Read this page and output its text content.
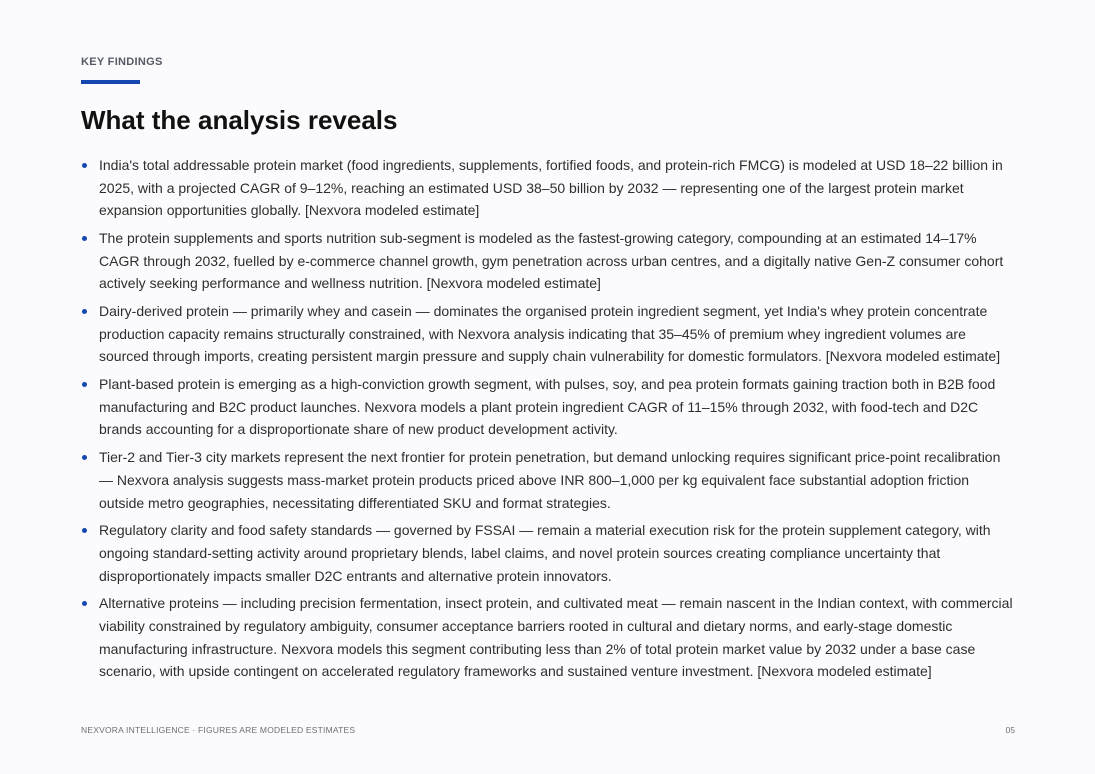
KEY FINDINGS
What the analysis reveals
India's total addressable protein market (food ingredients, supplements, fortified foods, and protein-rich FMCG) is modeled at USD 18–22 billion in 2025, with a projected CAGR of 9–12%, reaching an estimated USD 38–50 billion by 2032 — representing one of the largest protein market expansion opportunities globally. [Nexvora modeled estimate]
The protein supplements and sports nutrition sub-segment is modeled as the fastest-growing category, compounding at an estimated 14–17% CAGR through 2032, fuelled by e-commerce channel growth, gym penetration across urban centres, and a digitally native Gen-Z consumer cohort actively seeking performance and wellness nutrition. [Nexvora modeled estimate]
Dairy-derived protein — primarily whey and casein — dominates the organised protein ingredient segment, yet India's whey protein concentrate production capacity remains structurally constrained, with Nexvora analysis indicating that 35–45% of premium whey ingredient volumes are sourced through imports, creating persistent margin pressure and supply chain vulnerability for domestic formulators. [Nexvora modeled estimate]
Plant-based protein is emerging as a high-conviction growth segment, with pulses, soy, and pea protein formats gaining traction both in B2B food manufacturing and B2C product launches. Nexvora models a plant protein ingredient CAGR of 11–15% through 2032, with food-tech and D2C brands accounting for a disproportionate share of new product development activity.
Tier-2 and Tier-3 city markets represent the next frontier for protein penetration, but demand unlocking requires significant price-point recalibration — Nexvora analysis suggests mass-market protein products priced above INR 800–1,000 per kg equivalent face substantial adoption friction outside metro geographies, necessitating differentiated SKU and format strategies.
Regulatory clarity and food safety standards — governed by FSSAI — remain a material execution risk for the protein supplement category, with ongoing standard-setting activity around proprietary blends, label claims, and novel protein sources creating compliance uncertainty that disproportionately impacts smaller D2C entrants and alternative protein innovators.
Alternative proteins — including precision fermentation, insect protein, and cultivated meat — remain nascent in the Indian context, with commercial viability constrained by regulatory ambiguity, consumer acceptance barriers rooted in cultural and dietary norms, and early-stage domestic manufacturing infrastructure. Nexvora models this segment contributing less than 2% of total protein market value by 2032 under a base case scenario, with upside contingent on accelerated regulatory frameworks and sustained venture investment. [Nexvora modeled estimate]
NEXVORA INTELLIGENCE · FIGURES ARE MODELED ESTIMATES	05
